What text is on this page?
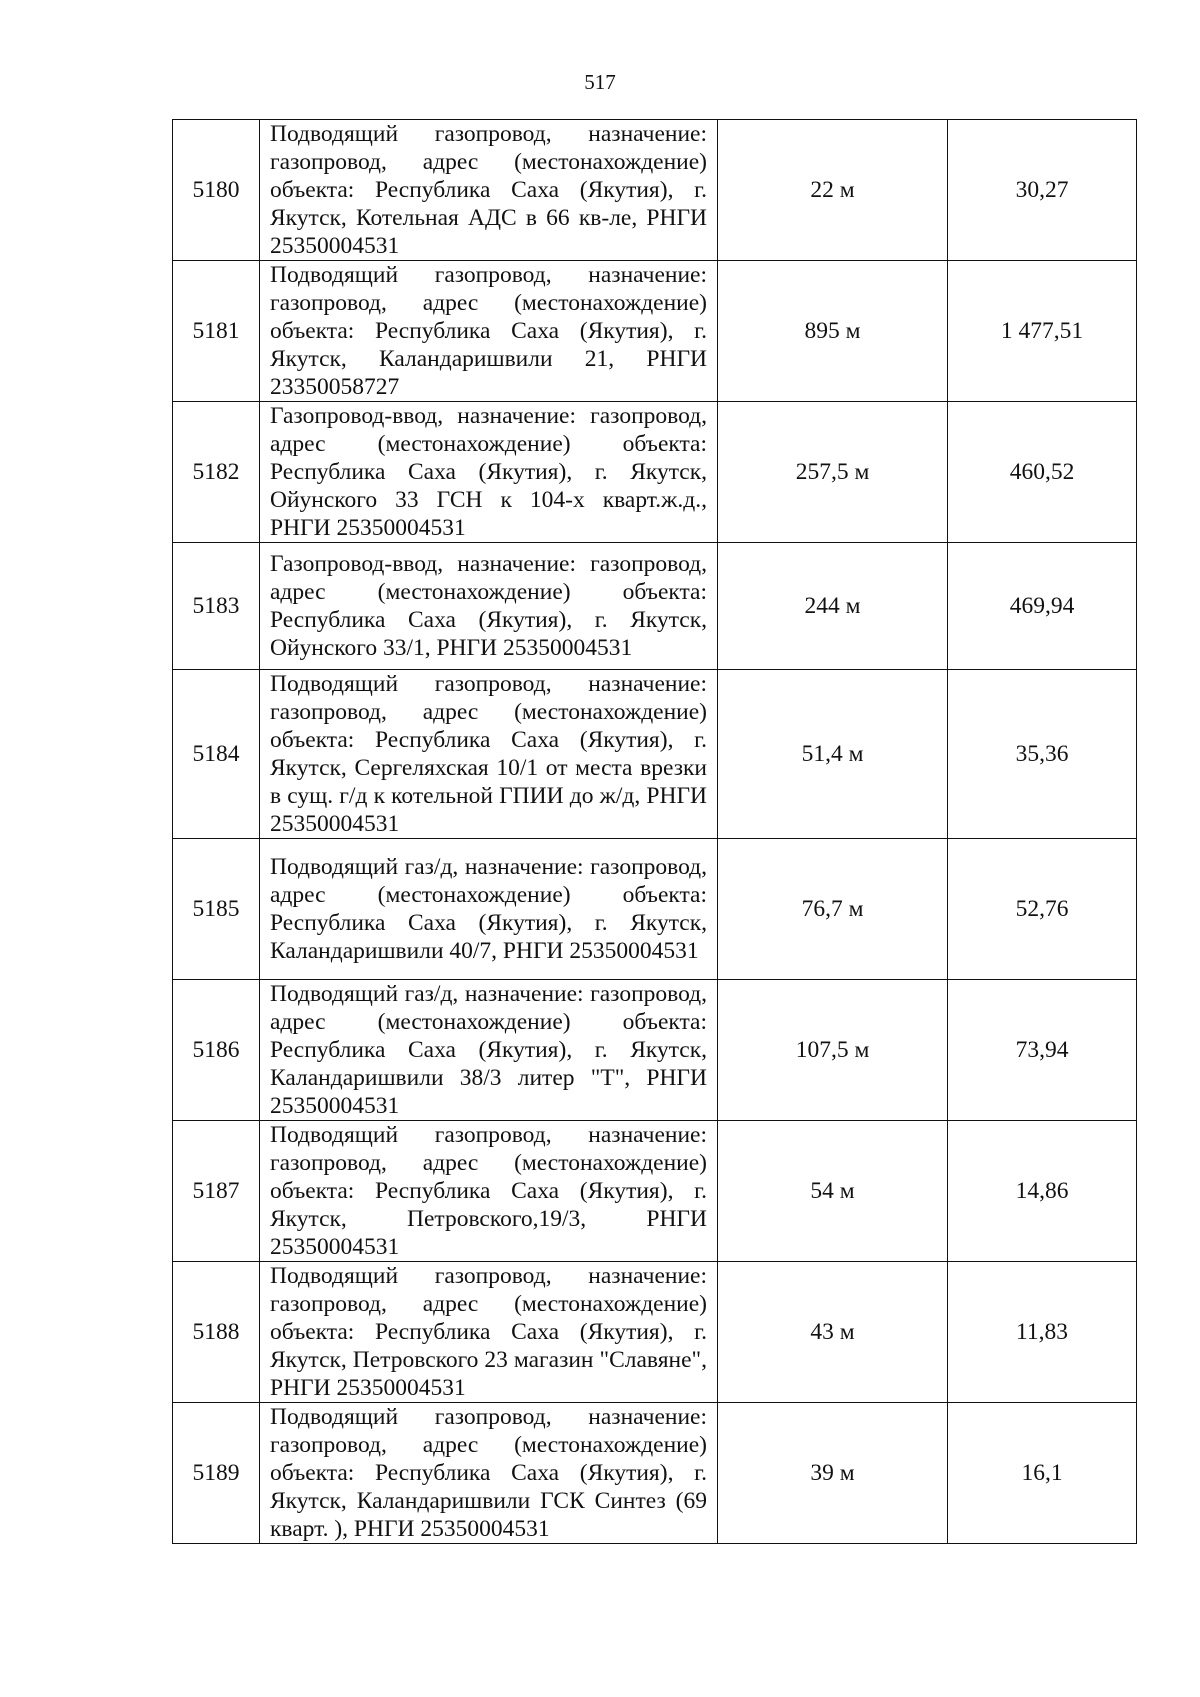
517
5180	Подводящий газопровод, назначение: газопровод, адрес (местонахождение) объекта: Республика Саха (Якутия), г. Якутск, Котельная АДС в 66 кв-ле, РНГИ 25350004531	22 м	30,27
5181	Подводящий газопровод, назначение: газопровод, адрес (местонахождение) объекта: Республика Саха (Якутия), г. Якутск, Каландаришвили 21, РНГИ 23350058727	895 м	1 477,51
5182	Газопровод-ввод, назначение: газопровод, адрес (местонахождение) объекта: Республика Саха (Якутия), г. Якутск, Ойунского 33 ГСН к 104-х кварт.ж.д., РНГИ 25350004531	257,5 м	460,52
5183	Газопровод-ввод, назначение: газопровод, адрес (местонахождение) объекта: Республика Саха (Якутия), г. Якутск, Ойунского 33/1, РНГИ 25350004531	244 м	469,94
5184	Подводящий газопровод, назначение: газопровод, адрес (местонахождение) объекта: Республика Саха (Якутия), г. Якутск, Сергеляхская 10/1 от места врезки в сущ. г/д к котельной ГПИИ до ж/д, РНГИ 25350004531	51,4 м	35,36
5185	Подводящий газ/д, назначение: газопровод, адрес (местонахождение) объекта: Республика Саха (Якутия), г. Якутск, Каландаришвили 40/7, РНГИ 25350004531	76,7 м	52,76
5186	Подводящий газ/д, назначение: газопровод, адрес (местонахождение) объекта: Республика Саха (Якутия), г. Якутск, Каландаришвили 38/3 литер "Т", РНГИ 25350004531	107,5 м	73,94
5187	Подводящий газопровод, назначение: газопровод, адрес (местонахождение) объекта: Республика Саха (Якутия), г. Якутск, Петровского,19/3, РНГИ 25350004531	54 м	14,86
5188	Подводящий газопровод, назначение: газопровод, адрес (местонахождение) объекта: Республика Саха (Якутия), г. Якутск, Петровского 23 магазин "Славяне", РНГИ 25350004531	43 м	11,83
5189	Подводящий газопровод, назначение: газопровод, адрес (местонахождение) объекта: Республика Саха (Якутия), г. Якутск, Каландаришвили ГСК Синтез (69 кварт. ), РНГИ 25350004531	39 м	16,1
